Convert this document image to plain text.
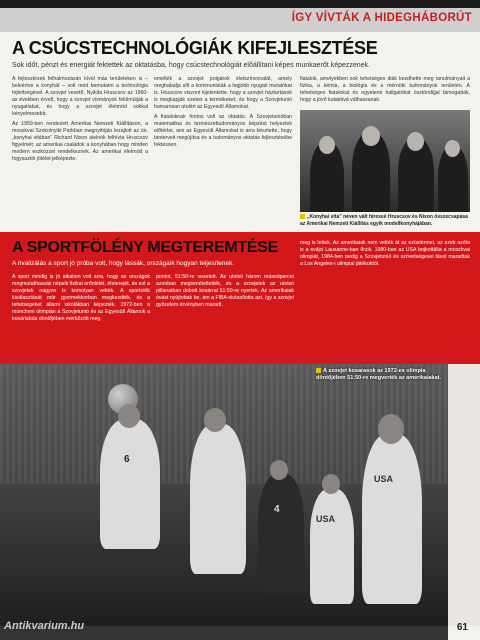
ÍGY VÍVTÁK A HIDEGHÁBORÚT
A CSÚCSTECHNOLÓGIÁK KIFEJLESZTÉSE
Sok időt, pénzt és energiát fektettek az oktatásba, hogy csúcstechnológiát előállítani képes munkaerőt képezzenek.

A fejlesztések felhalmozásán kívül más területeken is – beleértve a konyhát – volt mód bemutatni a technológia fejlettségével. A szovjet vezető, Nyikita Hruscsov az 1960-as években érvelt, hogy a szovjet vívmányok felülmúlják a nyugatiakat, és hogy a szovjet életmód sokkal kényelmesebb.

Az 1959-ben rendezett Amerikai Nemzeti Kiállításon, a moszkvai Szokolnyiki Parkban megnyitóján lezajlott az ún. „konyhai vitában” Richard Nixon alelnök felhívta Hruscsov figyelmét: az amerikai családok a konyhában hogy minden modern eszközzel rendelkeznek. Az amerikai életmód a fogyasztói jólétet jelképezte.

emelték a szovjet polgárok életszínvonalát, amely meghaladja sőt a kommunisták a legjobb nyugati mutatókat is. Hruscsov viszont kijelentette, hogy a szovjet háztartások is megkapják ezeket a termékeket, és hogy a Szovjetunió hamarosan utoléri az Egyesült Államokat.

A fiataloknak fontos volt az oktatás. A Szovjetunióban matematikai és természettudományos képzést helyeztek előtérbe, ami az Egyesült Államokat is arra késztette, hogy tanterveit megújítsa és a tudományos oktatás fejlesztésébe fektessen.

fiatalok, amelyekben sok tehetséges diák kezdhette meg tanulmányait a fizika, a kémia, a biológia és a mérnöki tudományok területén. A tehetséges fiatalokat és egyetemi hallgatókat ösztöndíjjal támogatták, hogy a jövő kutatóivá válhassanak.

„Konyhai vita” néven vált híressé Hruscsov és Nixon összecsapása az Amerikai Nemzeti Kiállítás egyik modellkonyhájában.
A SPORTFÖLÉNY MEGTEREMTÉSE
A rivalizálás a sport jó próba volt, hogy lássák, országaik hogyan teljesítenek.

A sport mindig is jó alkalom volt arra, hogy az országok megmutathassák népeik fizikai erőnlétét, életerejét, és ezt a szovjetek nagyon is komolyan vették. A sportolók kiválasztását már gyermekkorban megkezdték, és a tehetségeket állami iskolákban képezték. 1972-ben a müncheni olimpián a Szovjetunió és az Egyesült Államok a kosárlabda döntőjében mérkőzött meg.

pontot, 51:50-re vezetett. Az utolsó három másodpercet azonban megismételtették, és a szovjetek az utolsó pillanatban dobott kosárral 51:50-re nyertek. Az amerikaiak óvást nyújtottak be, ám a FIBA elutasította azt, így a szovjet győzelem érvényben maradt.

meg is lettek. Az amerikaiak nem vették át az ezüstérmet, az ezek azóta is a svájci Lausanne-ban őrzik. 1980-ban az USA bojkottálta a moszkvai olimpiát, 1984-ben pedig a Szovjetunió és szövetségesei távol maradtak a Los Angeles-i olimpiai játékoktól.

6
4
USA
USA
A szovjet kosarasok az 1972-es olimpia döntőjében 51:50-re megverték az amerikaiakat.
Antikvarium.hu	61
